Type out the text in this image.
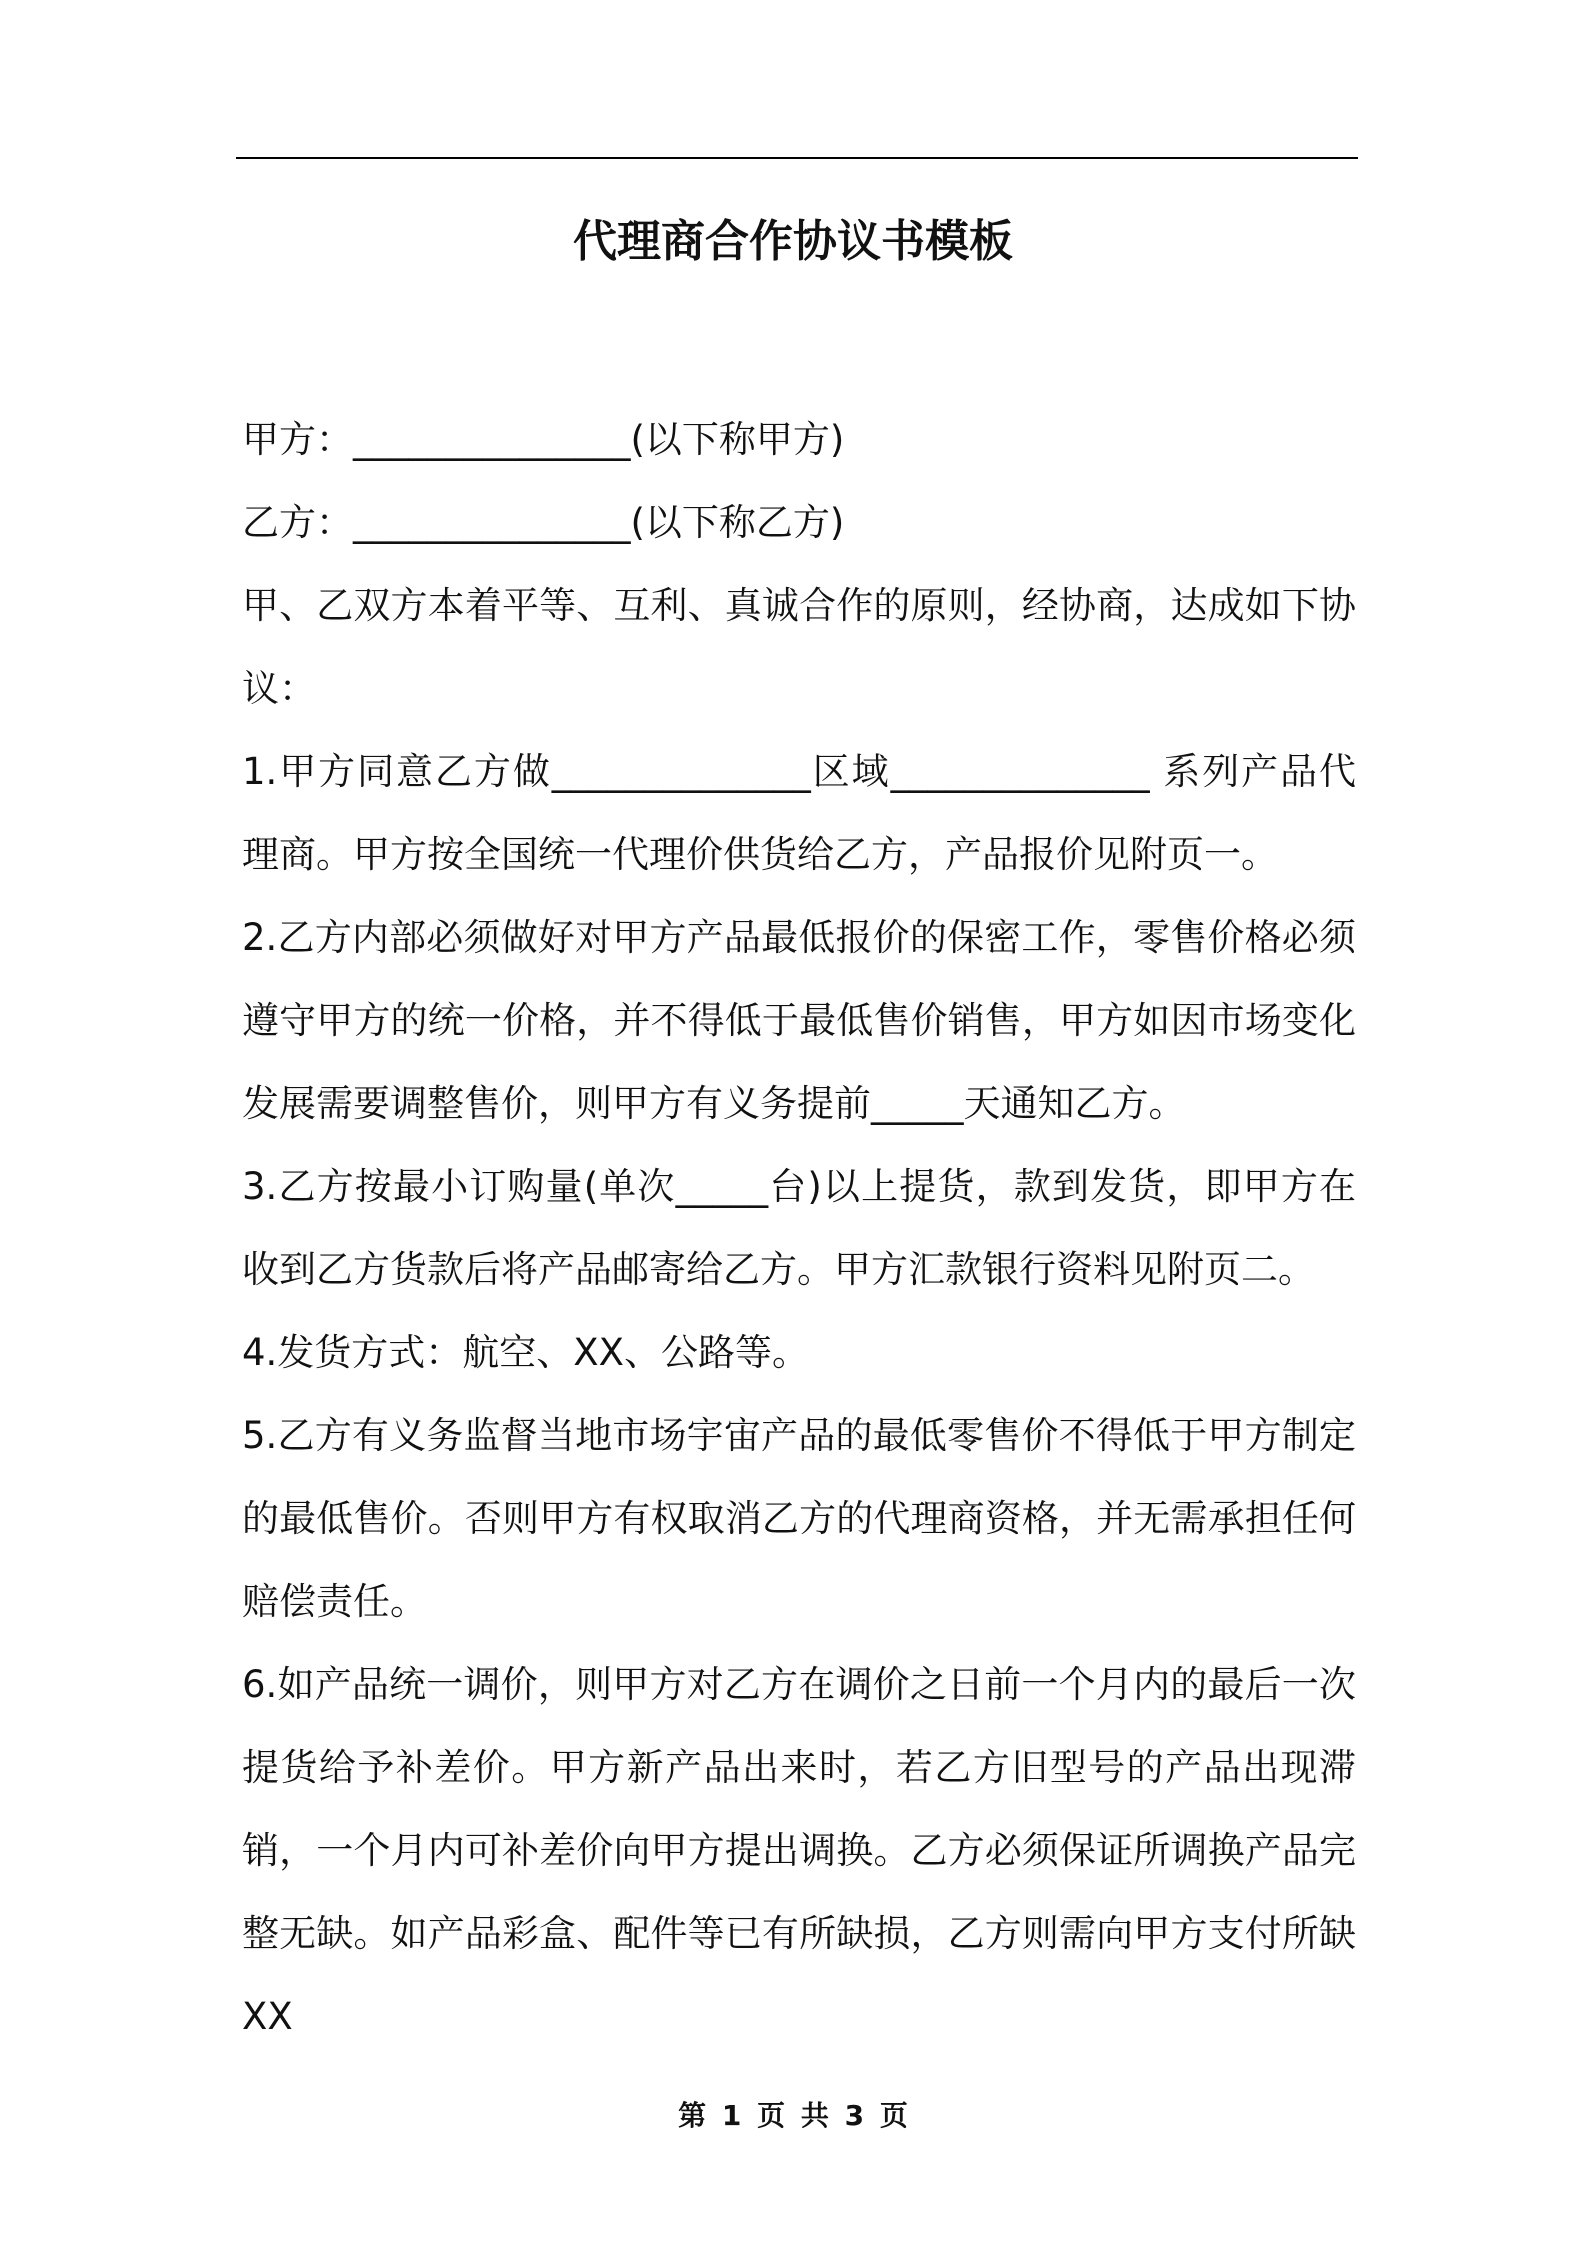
代理商合作协议书模板

甲方：_______________(以下称甲方)

乙方：_______________(以下称乙方)

甲、乙双方本着平等、互利、真诚合作的原则，经协商，达成如下协议：

1.甲方同意乙方做______________区域______________ 系列产品代理商。甲方按全国统一代理价供货给乙方，产品报价见附页一。

2.乙方内部必须做好对甲方产品最低报价的保密工作，零售价格必须遵守甲方的统一价格，并不得低于最低售价销售，甲方如因市场变化发展需要调整售价，则甲方有义务提前_____天通知乙方。

3.乙方按最小订购量(单次_____台)以上提货，款到发货，即甲方在收到乙方货款后将产品邮寄给乙方。甲方汇款银行资料见附页二。

4.发货方式：航空、XX、公路等。

5.乙方有义务监督当地市场宇宙产品的最低零售价不得低于甲方制定的最低售价。否则甲方有权取消乙方的代理商资格，并无需承担任何赔偿责任。

6.如产品统一调价，则甲方对乙方在调价之日前一个月内的最后一次提货给予补差价。甲方新产品出来时，若乙方旧型号的产品出现滞销，一个月内可补差价向甲方提出调换。乙方必须保证所调换产品完整无缺。如产品彩盒、配件等已有所缺损，乙方则需向甲方支付所缺 XX

第 1 页 共 3 页
